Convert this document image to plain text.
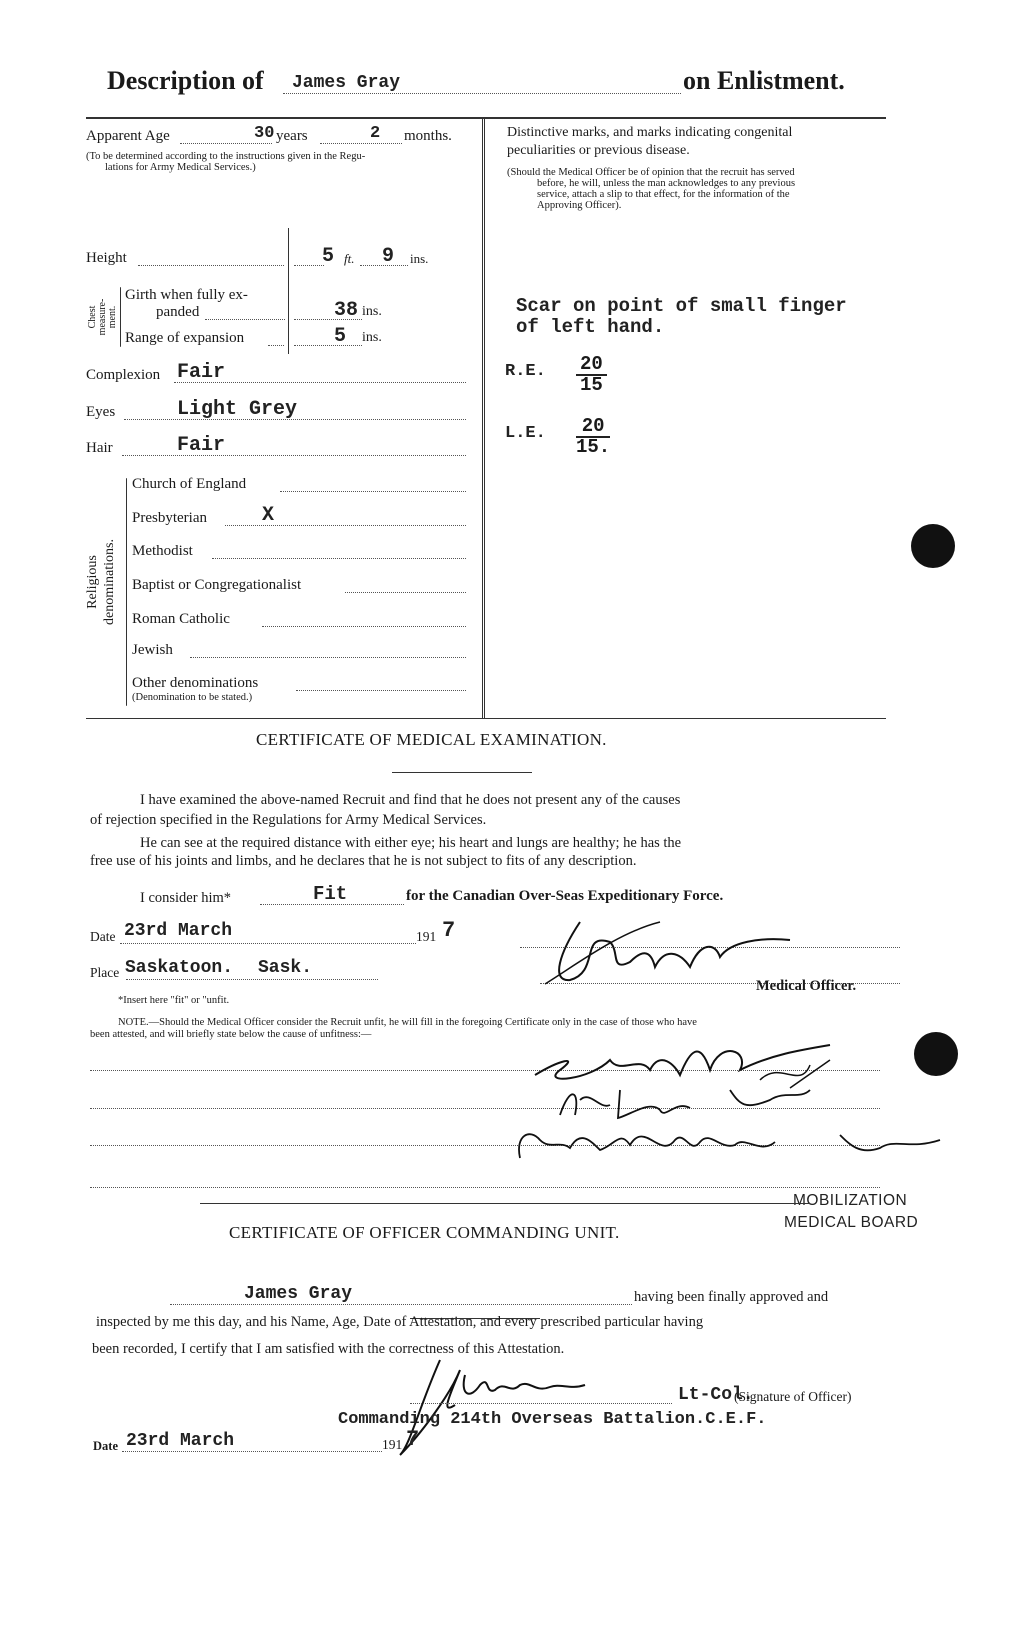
Description of James Gray	on Enlistment.
Apparent Age	30 years	2 months.
(To be determined according to the instructions given in the Regu-
lations for Army Medical Services.)
Height	5 ft. 9 ins.
Chest measure- ment.
Girth when fully ex-
panded	38 ins.
Range of expansion	5 ins.
Complexion Fair
Eyes	Light Grey
Hair	Fair
Religious denominations.
Church of England
Presbyterian	X
Methodist
Baptist or Congregationalist
Roman Catholic
Jewish
Other denominations
(Denomination to be stated.)
Distinctive marks, and marks indicating congenital
peculiarities or previous disease.
(Should the Medical Officer be of opinion that the recruit has served
before, he will, unless the man acknowledges to any previous
service, attach a slip to that effect, for the information of the
Approving Officer).
Scar on point of small finger
of left hand.
R.E. $\frac{20}{15}$
L.E. $\frac{20}{15.}$
CERTIFICATE OF MEDICAL EXAMINATION.
I have examined the above-named Recruit and find that he does not present any of the causes
of rejection specified in the Regulations for Army Medical Services.
He can see at the required distance with either eye; his heart and lungs are healthy; he has the
free use of his joints and limbs, and he declares that he is not subject to fits of any description.
I consider him*	Fit	for the Canadian Over-Seas Expeditionary Force.
Date 23rd March	191 7
Place Saskatoon. Sask.
Medical Officer.
*Insert here "fit" or "unfit.
NOTE.—Should the Medical Officer consider the Recruit unfit, he will fill in the foregoing Certificate only in the case of those who have
been attested, and will briefly state below the cause of unfitness:—
MOBILIZATION
MEDICAL BOARD
CERTIFICATE OF OFFICER COMMANDING UNIT.
James Gray	having been finally approved and
inspected by me this day, and his Name, Age, Date of Attestation, and every prescribed particular having
been recorded, I certify that I am satisfied with the correctness of this Attestation.
Lt-Col.
(Signature of Officer)
Commanding 214th Overseas Battalion.C.E.F.
Date 23rd March	191 7
